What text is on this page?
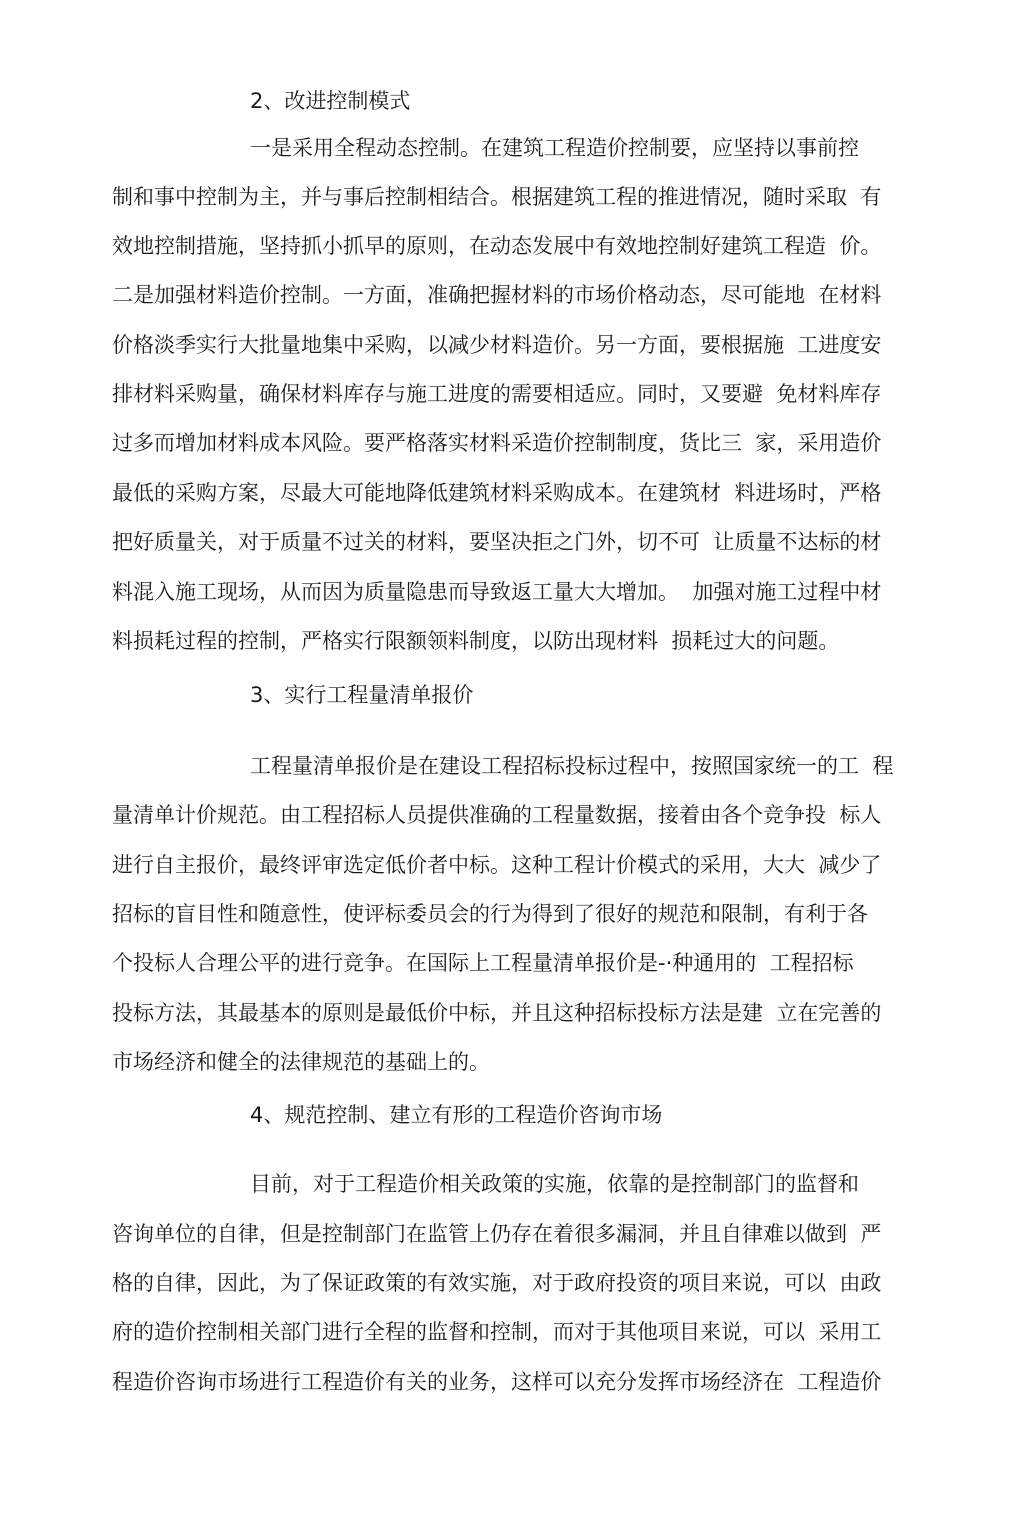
2、改进控制模式
一是采用全程动态控制。在建筑工程造价控制要，应坚持以事前控
制和事中控制为主，并与事后控制相结合。根据建筑工程的推进情况，随时采取  有
效地控制措施，坚持抓小抓早的原则，在动态发展中有效地控制好建筑工程造  价。
二是加强材料造价控制。一方面，准确把握材料的市场价格动态，尽可能地  在材料
价格淡季实行大批量地集中采购，以减少材料造价。另一方面，要根据施  工进度安
排材料采购量，确保材料库存与施工进度的需要相适应。同时，又要避  免材料库存
过多而增加材料成本风险。要严格落实材料采造价控制制度，货比三  家，采用造价
最低的采购方案，尽最大可能地降低建筑材料采购成本。在建筑材  料进场时，严格
把好质量关，对于质量不过关的材料，要坚决拒之门外，切不可  让质量不达标的材
料混入施工现场，从而因为质量隐患而导致返工量大大增加。  加强对施工过程中材
料损耗过程的控制，严格实行限额领料制度，以防出现材料  损耗过大的问题。
3、实行工程量清单报价
工程量清单报价是在建设工程招标投标过程中，按照国家统一的工  程
量清单计价规范。由工程招标人员提供准确的工程量数据，接着由各个竞争投  标人
进行自主报价，最终评审选定低价者中标。这种工程计价模式的采用，大大  减少了
招标的盲目性和随意性，使评标委员会的行为得到了很好的规范和限制，有利于各
个投标人合理公平的进行竞争。在国际上工程量清单报价是-·种通用的  工程招标
投标方法，其最基本的原则是最低价中标，并且这种招标投标方法是建  立在完善的
市场经济和健全的法律规范的基础上的。
4、规范控制、建立有形的工程造价咨询市场
目前，对于工程造价相关政策的实施，依靠的是控制部门的监督和
咨询单位的自律，但是控制部门在监管上仍存在着很多漏洞，并且自律难以做到  严
格的自律，因此，为了保证政策的有效实施，对于政府投资的项目来说，可以  由政
府的造价控制相关部门进行全程的监督和控制，而对于其他项目来说，可以  采用工
程造价咨询市场进行工程造价有关的业务，这样可以充分发挥市场经济在  工程造价
